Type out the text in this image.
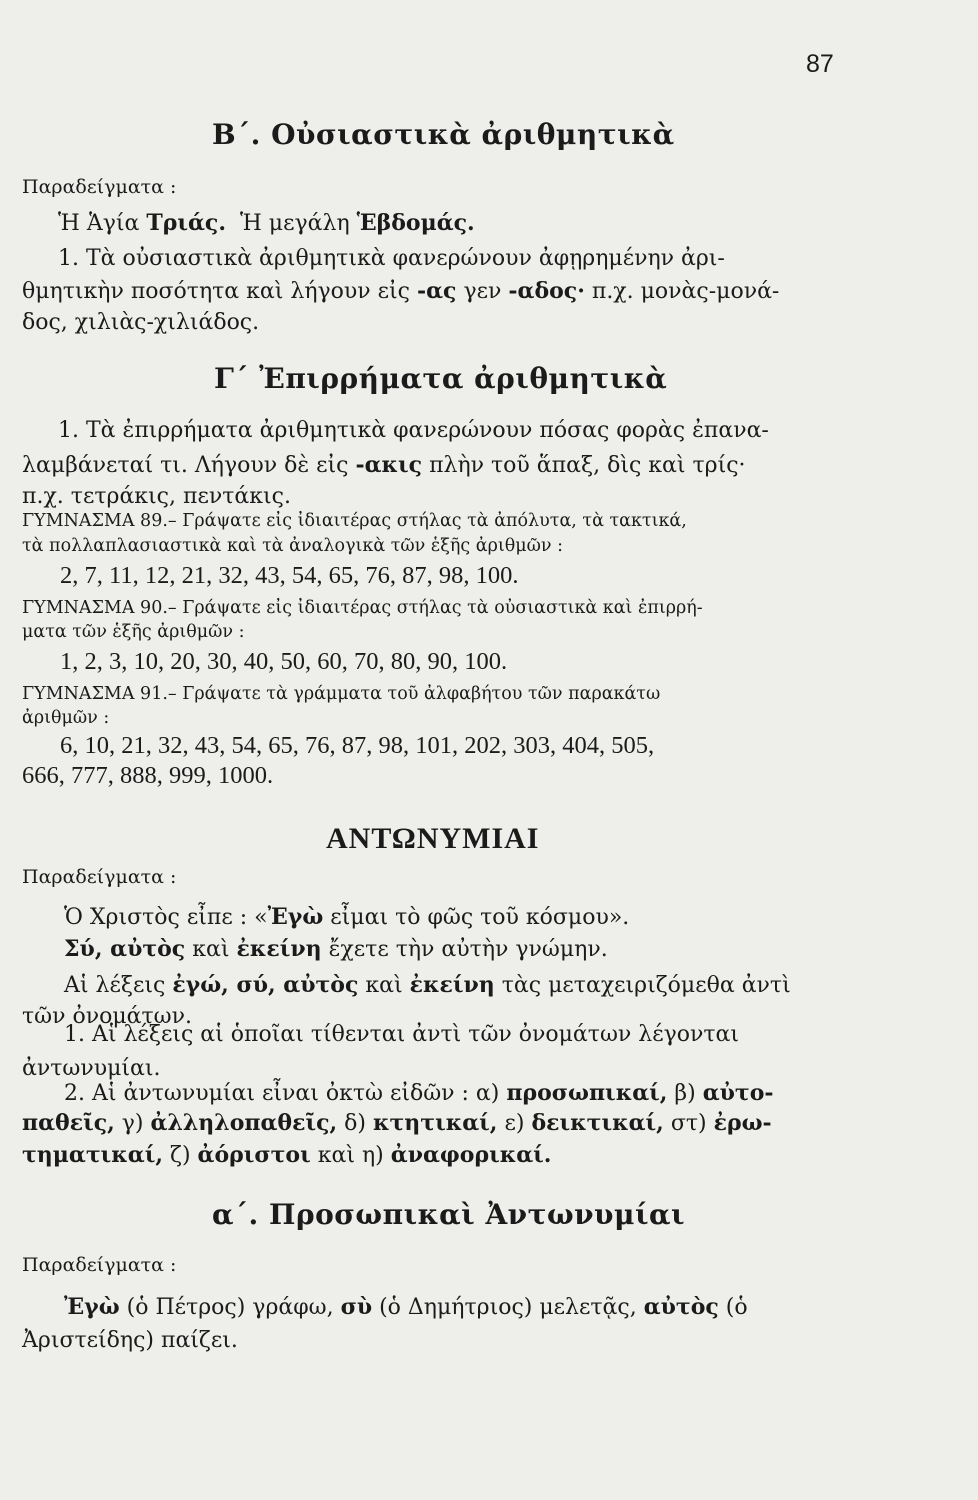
87
Β΄. Οὐσιαστικὰ ἀριθμητικὰ
Παραδείγματα :
Ἡ Ἁγία Τριάς. Ἡ μεγάλη Ἑβδομάς.
1. Τὰ οὐσιαστικὰ ἀριθμητικὰ φανερώνουν ἀφῃρημένην ἀρι-
θμητικὴν ποσότητα καὶ λήγουν εἰς -ας γεν -αδος· π.χ. μονὰς-μονά-
δος, χιλιὰς-χιλιάδος.
Γ΄ Ἐπιρρήματα ἀριθμητικὰ
1. Τὰ ἐπιρρήματα ἀριθμητικὰ φανερώνουν πόσας φορὰς ἐπανα-
λαμβάνεταί τι. Λήγουν δὲ εἰς -ακις πλὴν τοῦ ἅπαξ, δὶς καὶ τρίς·
π.χ. τετράκις, πεντάκις.
ΓΥΜΝΑΣΜΑ 89.– Γράψατε εἰς ἰδιαιτέρας στήλας τὰ ἀπόλυτα, τὰ τακτικά,
τὰ πολλαπλασιαστικὰ καὶ τὰ ἀναλογικὰ τῶν ἑξῆς ἀριθμῶν :
2, 7, 11, 12, 21, 32, 43, 54, 65, 76, 87, 98, 100.
ΓΥΜΝΑΣΜΑ 90.– Γράψατε εἰς ἰδιαιτέρας στήλας τὰ οὐσιαστικὰ καὶ ἐπιρρή-
ματα τῶν ἑξῆς ἀριθμῶν :
1, 2, 3, 10, 20, 30, 40, 50, 60, 70, 80, 90, 100.
ΓΥΜΝΑΣΜΑ 91.– Γράψατε τὰ γράμματα τοῦ ἀλφαβήτου τῶν παρακάτω
ἀριθμῶν :
6, 10, 21, 32, 43, 54, 65, 76, 87, 98, 101, 202, 303, 404, 505,
666, 777, 888, 999, 1000.
ΑΝΤΩΝΥΜΙΑΙ
Παραδείγματα :
Ὁ Χριστὸς εἶπε : «Ἐγὼ εἶμαι τὸ φῶς τοῦ κόσμου».
Σύ, αὐτὸς καὶ ἐκείνη ἔχετε τὴν αὐτὴν γνώμην.
Αἱ λέξεις ἐγώ, σύ, αὐτὸς καὶ ἐκείνη τὰς μεταχειριζόμεθα ἀντὶ
τῶν ὀνομάτων.
1. Αἱ λέξεις αἱ ὁποῖαι τίθενται ἀντὶ τῶν ὀνομάτων λέγονται
ἀντωνυμίαι.
2. Αἱ ἀντωνυμίαι εἶναι ὀκτὼ εἰδῶν : α) προσωπικαί, β) αὐτο-
παθεῖς, γ) ἀλληλοπαθεῖς, δ) κτητικαί, ε) δεικτικαί, στ) ἐρω-
τηματικαί, ζ) ἀόριστοι καὶ η) ἀναφορικαί.
α΄. Προσωπικαὶ Ἀντωνυμίαι
Παραδείγματα :
Ἐγὼ (ὁ Πέτρος) γράφω, σὺ (ὁ Δημήτριος) μελετᾷς, αὐτὸς (ὁ
Ἀριστείδης) παίζει.
